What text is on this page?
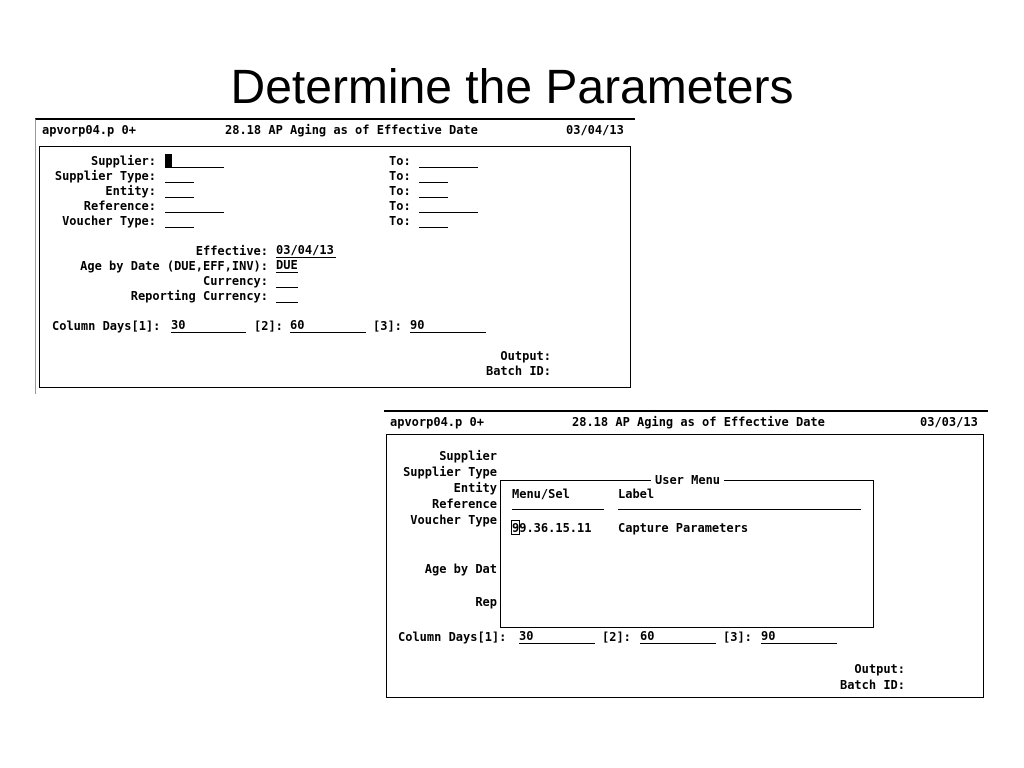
Determine the Parameters

apvorp04.p 0+

	28.18 AP Aging as of Effective Date

	03/04/13

Supplier:	To:
Supplier Type:	To:
Entity:	To:
Reference:	To:
Voucher Type:	To:
Effective: 03/04/13
Age by Date (DUE,EFF,INV): DUE
Currency:
Reporting Currency:
Column Days[1]: 30	[2]: 60	[3]: 90
Output:
Batch ID:

apvorp04.p 0+

	28.18 AP Aging as of Effective Date

	03/03/13

Supplier
Supplier Type
Entity
Reference
Voucher Type
Age by Dat
Rep
User Menu
Menu/Sel	Label
99.36.15.11 Capture Parameters
Column Days[1]: 30	[2]: 60	[3]: 90
Output:
Batch ID:
